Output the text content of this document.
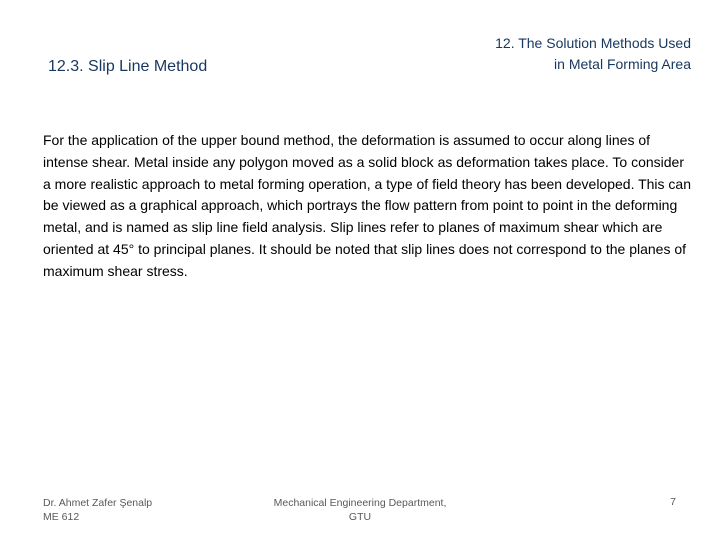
12.3. Slip Line Method
12. The Solution Methods Used
in Metal Forming Area
For the application of the upper bound method, the deformation is assumed to occur along lines of intense shear. Metal inside any polygon moved as a solid block as deformation takes place. To consider a more realistic approach to metal forming operation, a type of field theory has been developed. This can be viewed as a graphical approach, which portrays the flow pattern from point to point in the deforming metal, and is named as slip line field analysis. Slip lines refer to planes of maximum shear which are oriented at 45° to principal planes. It should be noted that slip lines does not correspond to the planes of maximum shear stress.
Dr. Ahmet Zafer Şenalp
ME 612
Mechanical Engineering Department,
GTU
7
